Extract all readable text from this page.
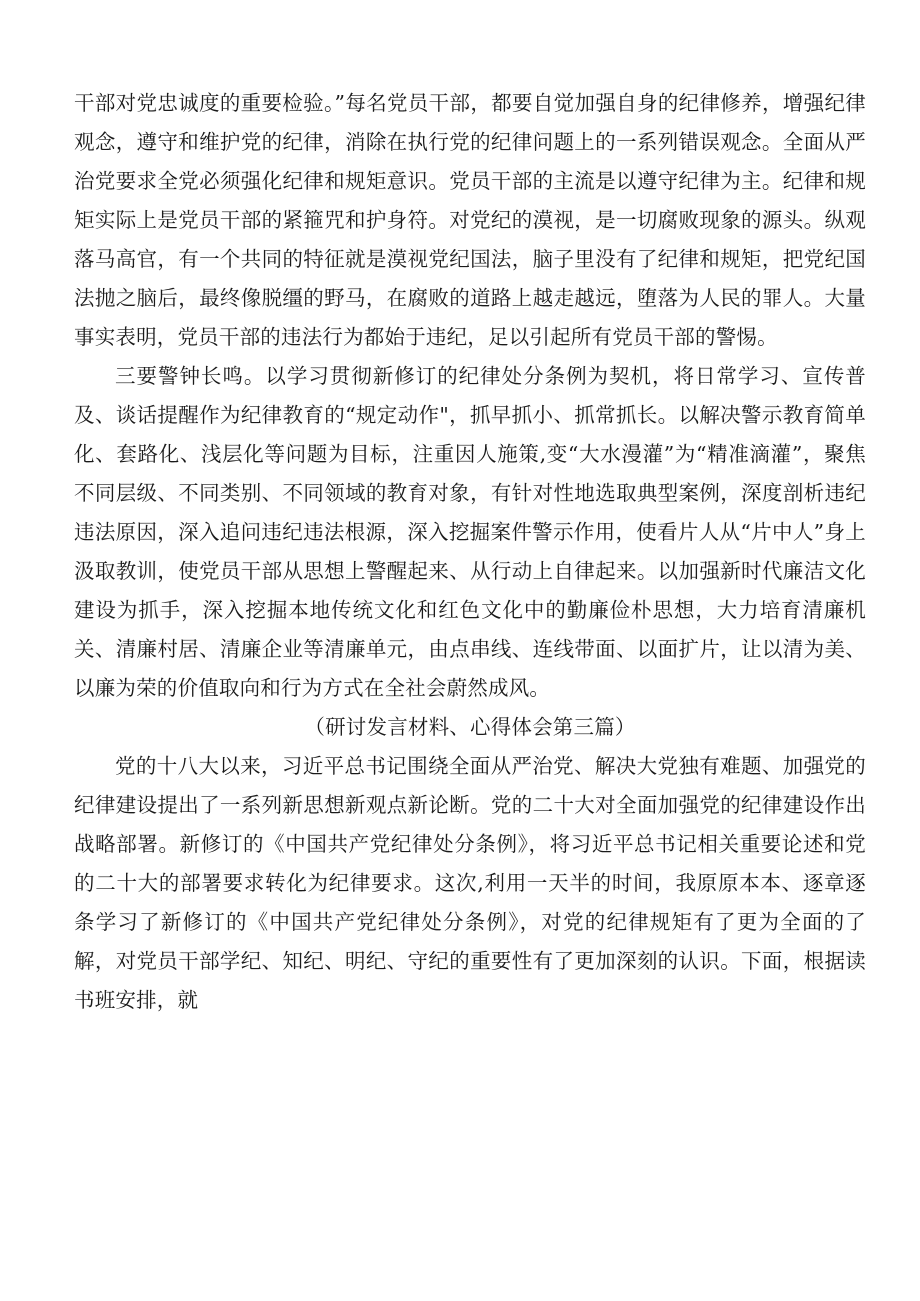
干部对党忠诚度的重要检验。”每名党员干部，都要自觉加强自身的纪律修养，增强纪律观念，遵守和维护党的纪律，消除在执行党的纪律问题上的一系列错误观念。全面从严治党要求全党必须强化纪律和规矩意识。党员干部的主流是以遵守纪律为主。纪律和规矩实际上是党员干部的紧箍咒和护身符。对党纪的漠视，是一切腐败现象的源头。纵观落马高官，有一个共同的特征就是漠视党纪国法，脑子里没有了纪律和规矩，把党纪国法抛之脑后，最终像脱缰的野马，在腐败的道路上越走越远，堕落为人民的罪人。大量事实表明，党员干部的违法行为都始于违纪，足以引起所有党员干部的警惕。

三要警钟长鸣。以学习贯彻新修订的纪律处分条例为契机，将日常学习、宣传普及、谈话提醒作为纪律教育的“规定动作"，抓早抓小、抓常抓长。以解决警示教育简单化、套路化、浅层化等问题为目标，注重因人施策,变“大水漫灌”为“精准滴灌”，聚焦不同层级、不同类别、不同领域的教育对象，有针对性地选取典型案例，深度剖析违纪违法原因，深入追问违纪违法根源，深入挖掘案件警示作用，使看片人从“片中人”身上汲取教训，使党员干部从思想上警醒起来、从行动上自律起来。以加强新时代廉洁文化建设为抓手，深入挖掘本地传统文化和红色文化中的勤廉俭朴思想，大力培育清廉机关、清廉村居、清廉企业等清廉单元，由点串线、连线带面、以面扩片，让以清为美、以廉为荣的价值取向和行为方式在全社会蔚然成风。

（研讨发言材料、心得体会第三篇）

党的十八大以来，习近平总书记围绕全面从严治党、解决大党独有难题、加强党的纪律建设提出了一系列新思想新观点新论断。党的二十大对全面加强党的纪律建设作出战略部署。新修订的《中国共产党纪律处分条例》，将习近平总书记相关重要论述和党的二十大的部署要求转化为纪律要求。这次,利用一天半的时间，我原原本本、逐章逐条学习了新修订的《中国共产党纪律处分条例》，对党的纪律规矩有了更为全面的了解，对党员干部学纪、知纪、明纪、守纪的重要性有了更加深刻的认识。下面，根据读书班安排，就
